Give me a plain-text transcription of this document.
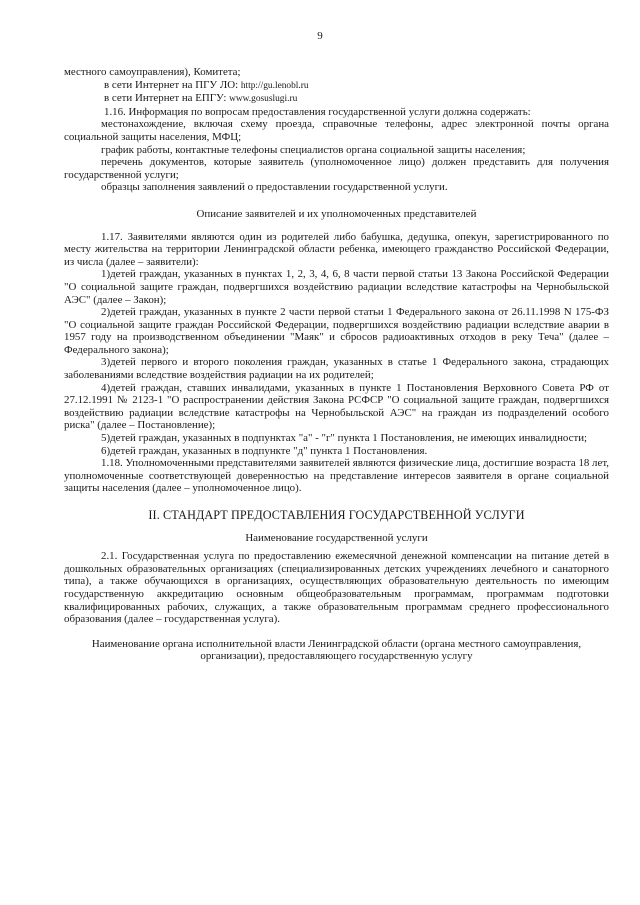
9

местного самоуправления), Комитета;

в сети Интернет на ПГУ ЛО: http://gu.lenobl.ru

в сети Интернет на ЕПГУ: www.gosuslugi.ru

1.16. Информация по вопросам предоставления государственной услуги должна содержать:

местонахождение, включая схему проезда, справочные телефоны, адрес электронной почты органа социальной защиты населения, МФЦ;

график работы, контактные телефоны специалистов органа социальной защиты населения;

перечень документов, которые заявитель (уполномоченное лицо) должен представить для получения государственной услуги;

образцы заполнения заявлений о предоставлении государственной услуги.

Описание заявителей и их уполномоченных представителей

1.17. Заявителями являются один из родителей либо бабушка, дедушка, опекун, зарегистрированного по месту жительства на территории Ленинградской области ребенка, имеющего гражданство Российской Федерации, из числа (далее – заявители):

1)детей граждан, указанных в пунктах 1, 2, 3, 4, 6, 8 части первой статьи 13 Закона Российской Федерации "О социальной защите граждан, подвергшихся воздействию радиации вследствие катастрофы на Чернобыльской АЭС" (далее – Закон);

2)детей граждан, указанных в пункте 2 части первой статьи 1 Федерального закона от 26.11.1998 N 175-ФЗ "О социальной защите граждан Российской Федерации, подвергшихся воздействию радиации вследствие аварии в 1957 году на производственном объединении "Маяк" и сбросов радиоактивных отходов в реку Теча" (далее – Федерального закона);

3)детей первого и второго поколения граждан, указанных в статье 1 Федерального закона, страдающих заболеваниями вследствие воздействия радиации на их родителей;

4)детей граждан, ставших инвалидами, указанных в пункте 1 Постановления Верховного Совета РФ от 27.12.1991 № 2123-1 "О распространении действия Закона РСФСР "О социальной защите граждан, подвергшихся воздействию радиации вследствие катастрофы на Чернобыльской АЭС" на граждан из подразделений особого риска" (далее – Постановление);

5)детей граждан, указанных в подпунктах "а" - "г" пункта 1 Постановления, не имеющих инвалидности;

6)детей граждан, указанных в подпункте "д" пункта 1 Постановления.

1.18. Уполномоченными представителями заявителей являются физические лица, достигшие возраста 18 лет, уполномоченные соответствующей доверенностью на представление интересов заявителя в органе социальной защиты населения (далее – уполномоченное лицо).

II. СТАНДАРТ ПРЕДОСТАВЛЕНИЯ ГОСУДАРСТВЕННОЙ УСЛУГИ
Наименование государственной услуги

2.1. Государственная услуга по предоставлению ежемесячной денежной компенсации на питание детей в дошкольных образовательных организациях (специализированных детских учреждениях лечебного и санаторного типа), а также обучающихся в организациях, осуществляющих образовательную деятельность по имеющим государственную аккредитацию основным общеобразовательным программам, программам подготовки квалифицированных рабочих, служащих, а также образовательным программам среднего профессионального образования (далее – государственная услуга).

Наименование органа исполнительной власти Ленинградской области (органа местного самоуправления, организации), предоставляющего государственную услугу
